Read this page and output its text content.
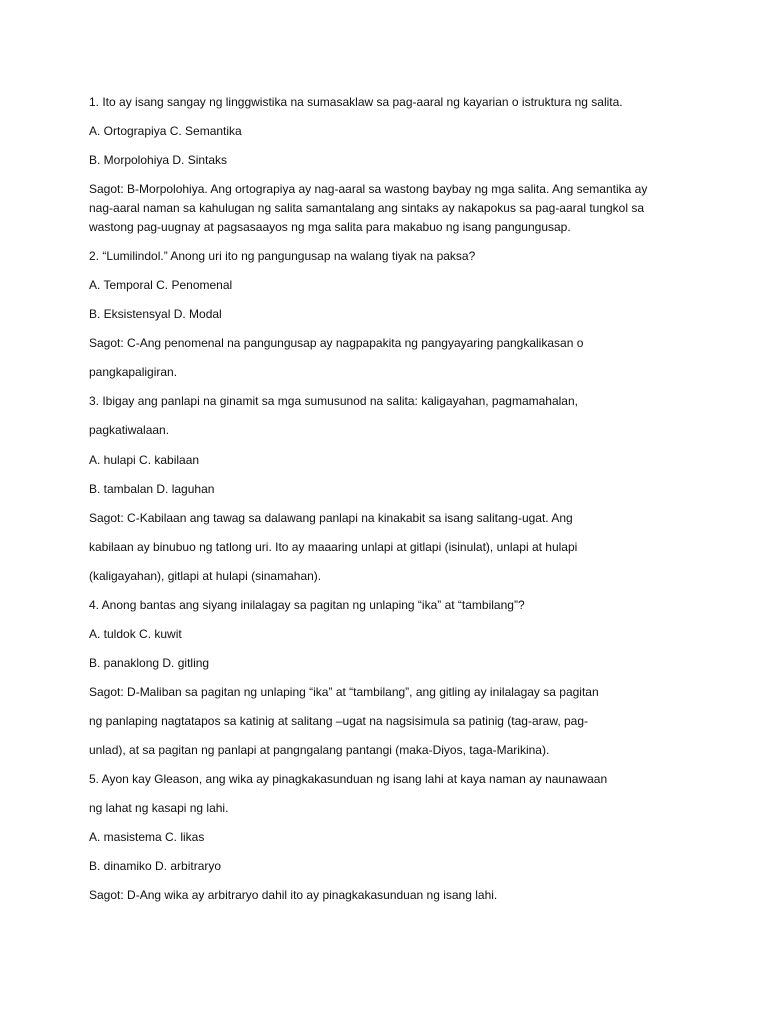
1. Ito ay isang sangay ng linggwistika na sumasaklaw sa pag-aaral ng kayarian o istruktura ng salita.
A. Ortograpiya C. Semantika
B. Morpolohiya D. Sintaks
Sagot: B-Morpolohiya. Ang ortograpiya ay nag-aaral sa wastong baybay ng mga salita. Ang semantika ay
nag-aaral naman sa kahulugan ng salita samantalang ang sintaks ay nakapokus sa pag-aaral tungkol sa
wastong pag-uugnay at pagsasaayos ng mga salita para makabuo ng isang pangungusap.
2. “Lumilindol.” Anong uri ito ng pangungusap na walang tiyak na paksa?
A. Temporal C. Penomenal
B. Eksistensyal D. Modal
Sagot: C-Ang penomenal na pangungusap ay nagpapakita ng pangyayaring pangkalikasan o
pangkapaligiran.
3. Ibigay ang panlapi na ginamit sa mga sumusunod na salita: kaligayahan, pagmamahalan,
pagkatiwalaan.
A. hulapi C. kabilaan
B. tambalan D. laguhan
Sagot: C-Kabilaan ang tawag sa dalawang panlapi na kinakabit sa isang salitang-ugat. Ang
kabilaan ay binubuo ng tatlong uri. Ito ay maaaring unlapi at gitlapi (isinulat), unlapi at hulapi
(kaligayahan), gitlapi at hulapi (sinamahan).
4. Anong bantas ang siyang inilalagay sa pagitan ng unlaping “ika” at “tambilang”?
A. tuldok C. kuwit
B. panaklong D. gitling
Sagot: D-Maliban sa pagitan ng unlaping “ika” at “tambilang”, ang gitling ay inilalagay sa pagitan
ng panlaping nagtatapos sa katinig at salitang –ugat na nagsisimula sa patinig (tag-araw, pag-
unlad), at sa pagitan ng panlapi at pangngalang pantangi (maka-Diyos, taga-Marikina).
5. Ayon kay Gleason, ang wika ay pinagkakasunduan ng isang lahi at kaya naman ay naunawaan
ng lahat ng kasapi ng lahi.
A. masistema C. likas
B. dinamiko D. arbitraryo
Sagot: D-Ang wika ay arbitraryo dahil ito ay pinagkakasunduan ng isang lahi.
